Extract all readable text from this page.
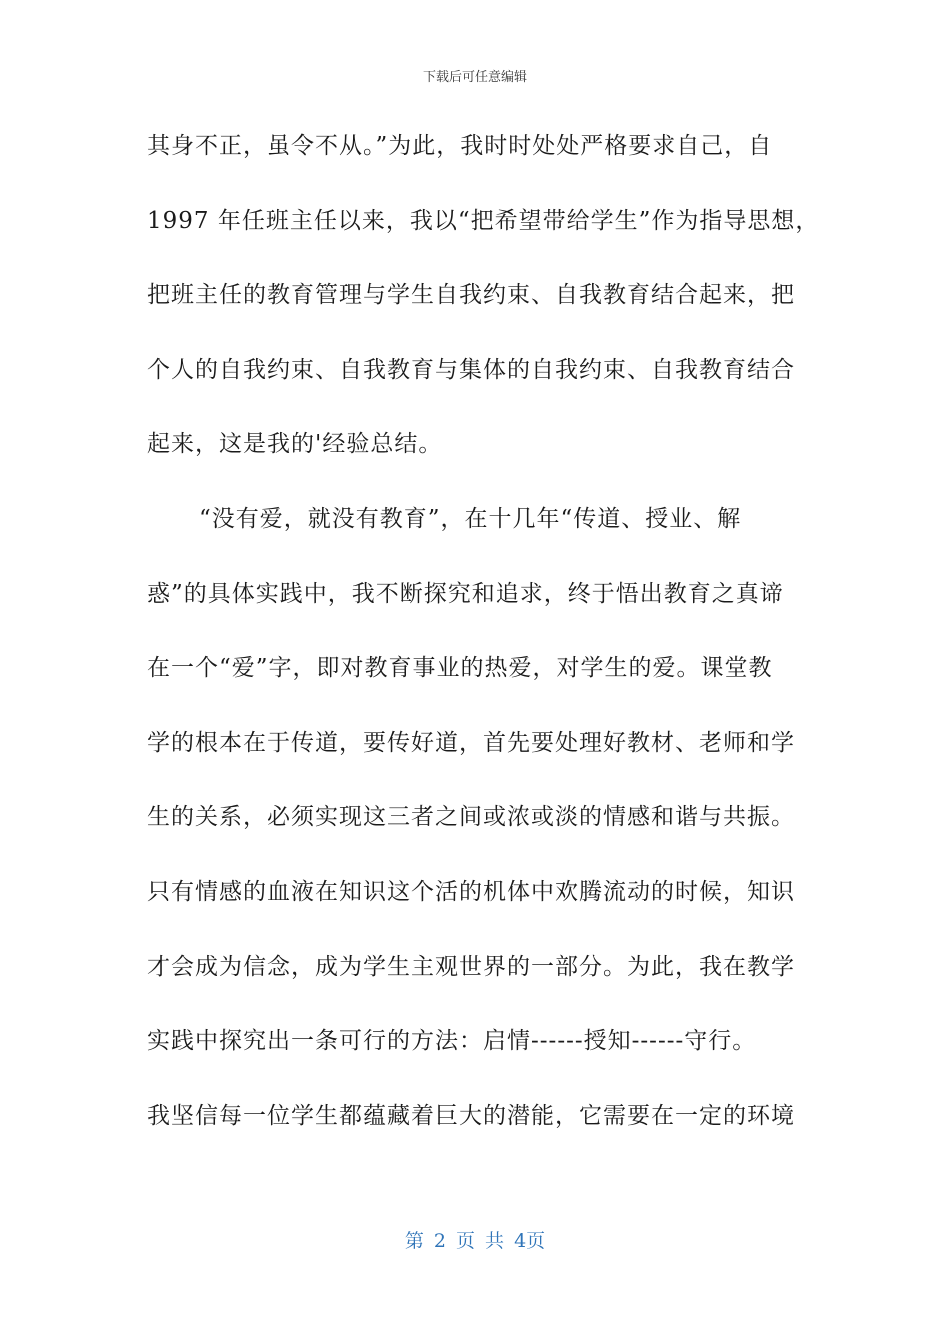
下载后可任意编辑
其身不正，虽令不从。”为此，我时时处处严格要求自己，自
1997 年任班主任以来，我以“把希望带给学生”作为指导思想，
把班主任的教育管理与学生自我约束、自我教育结合起来，把
个人的自我约束、自我教育与集体的自我约束、自我教育结合
起来，这是我的'经验总结。
“没有爱，就没有教育”，在十几年“传道、授业、解
惑”的具体实践中，我不断探究和追求，终于悟出教育之真谛
在一个“爱”字，即对教育事业的热爱，对学生的爱。课堂教
学的根本在于传道，要传好道，首先要处理好教材、老师和学
生的关系，必须实现这三者之间或浓或淡的情感和谐与共振。
只有情感的血液在知识这个活的机体中欢腾流动的时候，知识
才会成为信念，成为学生主观世界的一部分。为此，我在教学
实践中探究出一条可行的方法：启情------授知------守行。
我坚信每一位学生都蕴藏着巨大的潜能，它需要在一定的环境
第 2 页 共 4页
